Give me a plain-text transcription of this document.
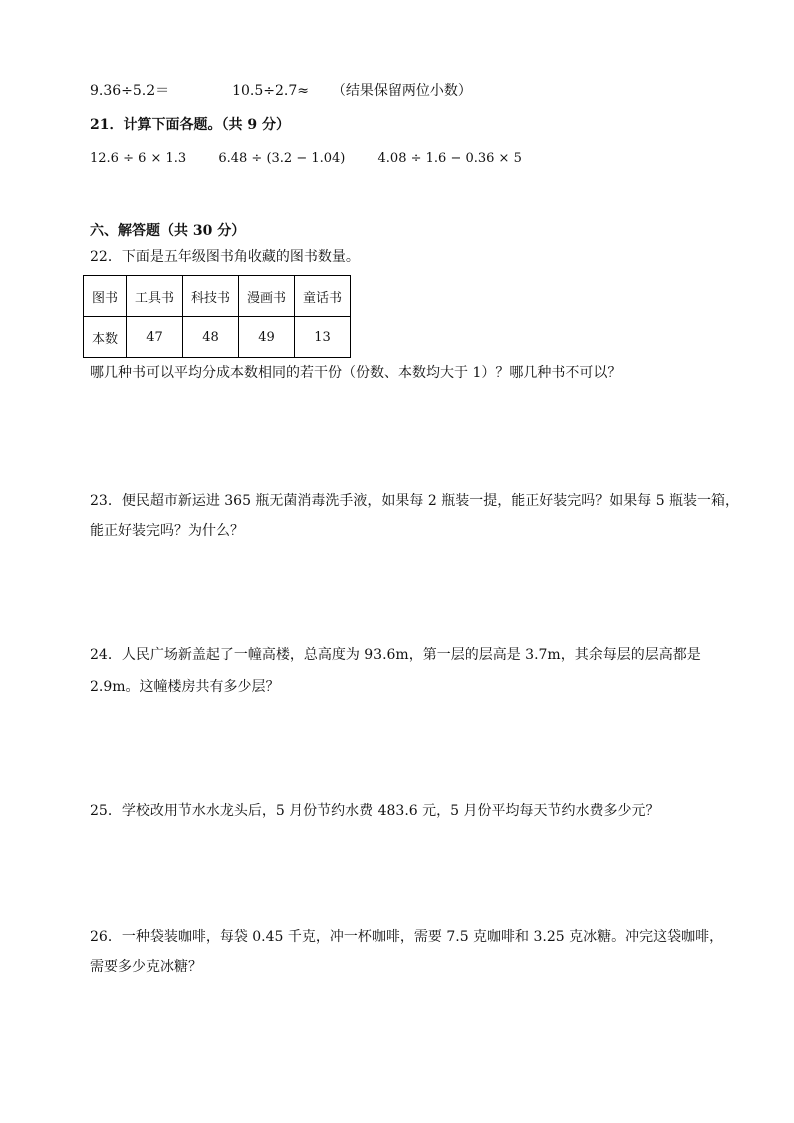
9.36÷5.2＝	10.5÷2.7≈ （结果保留两位小数）
21．计算下面各题。（共 9 分）
12.6 ÷ 6 × 1.3 6.48 ÷ (3.2 − 1.04) 4.08 ÷ 1.6 − 0.36 × 5
六、解答题（共 30 分）
22．下面是五年级图书角收藏的图书数量。
图书	工具书	科技书	漫画书	童话书
本数	47	48	49	13
哪几种书可以平均分成本数相同的若干份（份数、本数均大于 1）？哪几种书不可以？
23．便民超市新运进 365 瓶无菌消毒洗手液，如果每 2 瓶装一提，能正好装完吗？如果每 5 瓶装一箱，
能正好装完吗？为什么？
24．人民广场新盖起了一幢高楼，总高度为 93.6m，第一层的层高是 3.7m，其余每层的层高都是
2.9m。这幢楼房共有多少层？
25．学校改用节水水龙头后，5 月份节约水费 483.6 元，5 月份平均每天节约水费多少元？
26．一种袋装咖啡，每袋 0.45 千克，冲一杯咖啡，需要 7.5 克咖啡和 3.25 克冰糖。冲完这袋咖啡，
需要多少克冰糖？
